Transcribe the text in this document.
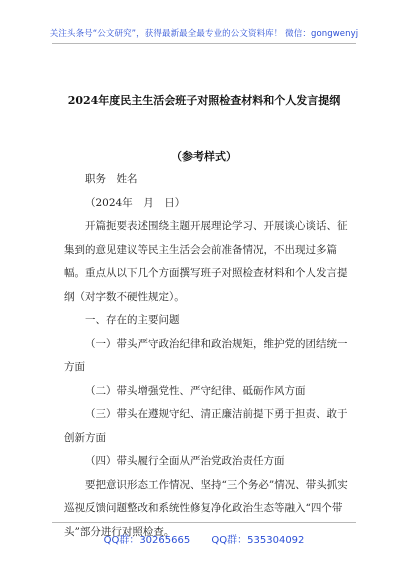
关注头条号“公文研究”，获得最新最全最专业的公文资料库！ 微信：gongwenyj
2024年度民主生活会班子对照检查材料和个人发言提纲
（参考样式）

职务　姓名

（2024年　月　日）

开篇扼要表述围绕主题开展理论学习、开展谈心谈话、征集到的意见建议等民主生活会会前准备情况，不出现过多篇幅。重点从以下几个方面撰写班子对照检查材料和个人发言提纲（对字数不硬性规定）。

一、存在的主要问题

（一）带头严守政治纪律和政治规矩，维护党的团结统一方面

（二）带头增强党性、严守纪律、砥砺作风方面

（三）带头在遵规守纪、清正廉洁前提下勇于担责、敢于创新方面

（四）带头履行全面从严治党政治责任方面

要把意识形态工作情况、坚持“三个务必”情况、带头抓实巡视反馈问题整改和系统性修复净化政治生态等融入“四个带头”部分进行对照检查。

QQ群：30265665 QQ群：535304092
